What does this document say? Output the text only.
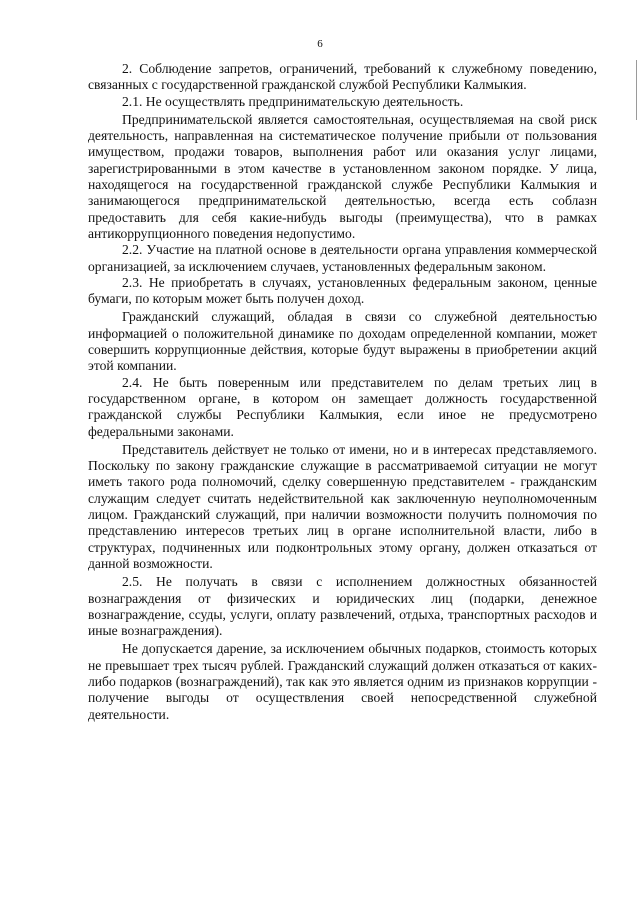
6

2. Соблюдение запретов, ограничений, требований к служебному поведению, связанных с государственной гражданской службой Республики Калмыкия.

2.1. Не осуществлять предпринимательскую деятельность.

Предпринимательской является самостоятельная, осуществляемая на свой риск деятельность, направленная на систематическое получение прибыли от пользования имуществом, продажи товаров, выполнения работ или оказания услуг лицами, зарегистрированными в этом качестве в установленном законом порядке. У лица, находящегося на государственной гражданской службе Республики Калмыкия и занимающегося предпринимательской деятельностью, всегда есть соблазн предоставить для себя какие-нибудь выгоды (преимущества), что в рамках антикоррупционного поведения недопустимо.

2.2. Участие на платной основе в деятельности органа управления коммерческой организацией, за исключением случаев, установленных федеральным законом.

2.3. Не приобретать в случаях, установленных федеральным законом, ценные бумаги, по которым может быть получен доход.

Гражданский служащий, обладая в связи со служебной деятельностью информацией о положительной динамике по доходам определенной компании, может совершить коррупционные действия, которые будут выражены в приобретении акций этой компании.

2.4. Не быть поверенным или представителем по делам третьих лиц в государственном органе, в котором он замещает должность государственной гражданской службы Республики Калмыкия, если иное не предусмотрено федеральными законами.

Представитель действует не только от имени, но и в интересах представляемого. Поскольку по закону гражданские служащие в рассматриваемой ситуации не могут иметь такого рода полномочий, сделку совершенную представителем - гражданским служащим следует считать недействительной как заключенную неуполномоченным лицом. Гражданский служащий, при наличии возможности получить полномочия по представлению интересов третьих лиц в органе исполнительной власти, либо в структурах, подчиненных или подконтрольных этому органу, должен отказаться от данной возможности.

2.5. Не получать в связи с исполнением должностных обязанностей вознаграждения от физических и юридических лиц (подарки, денежное вознаграждение, ссуды, услуги, оплату развлечений, отдыха, транспортных расходов и иные вознаграждения).

Не допускается дарение, за исключением обычных подарков, стоимость которых не превышает трех тысяч рублей. Гражданский служащий должен отказаться от каких-либо подарков (вознаграждений), так как это является одним из признаков коррупции - получение выгоды от осуществления своей непосредственной служебной деятельности.
